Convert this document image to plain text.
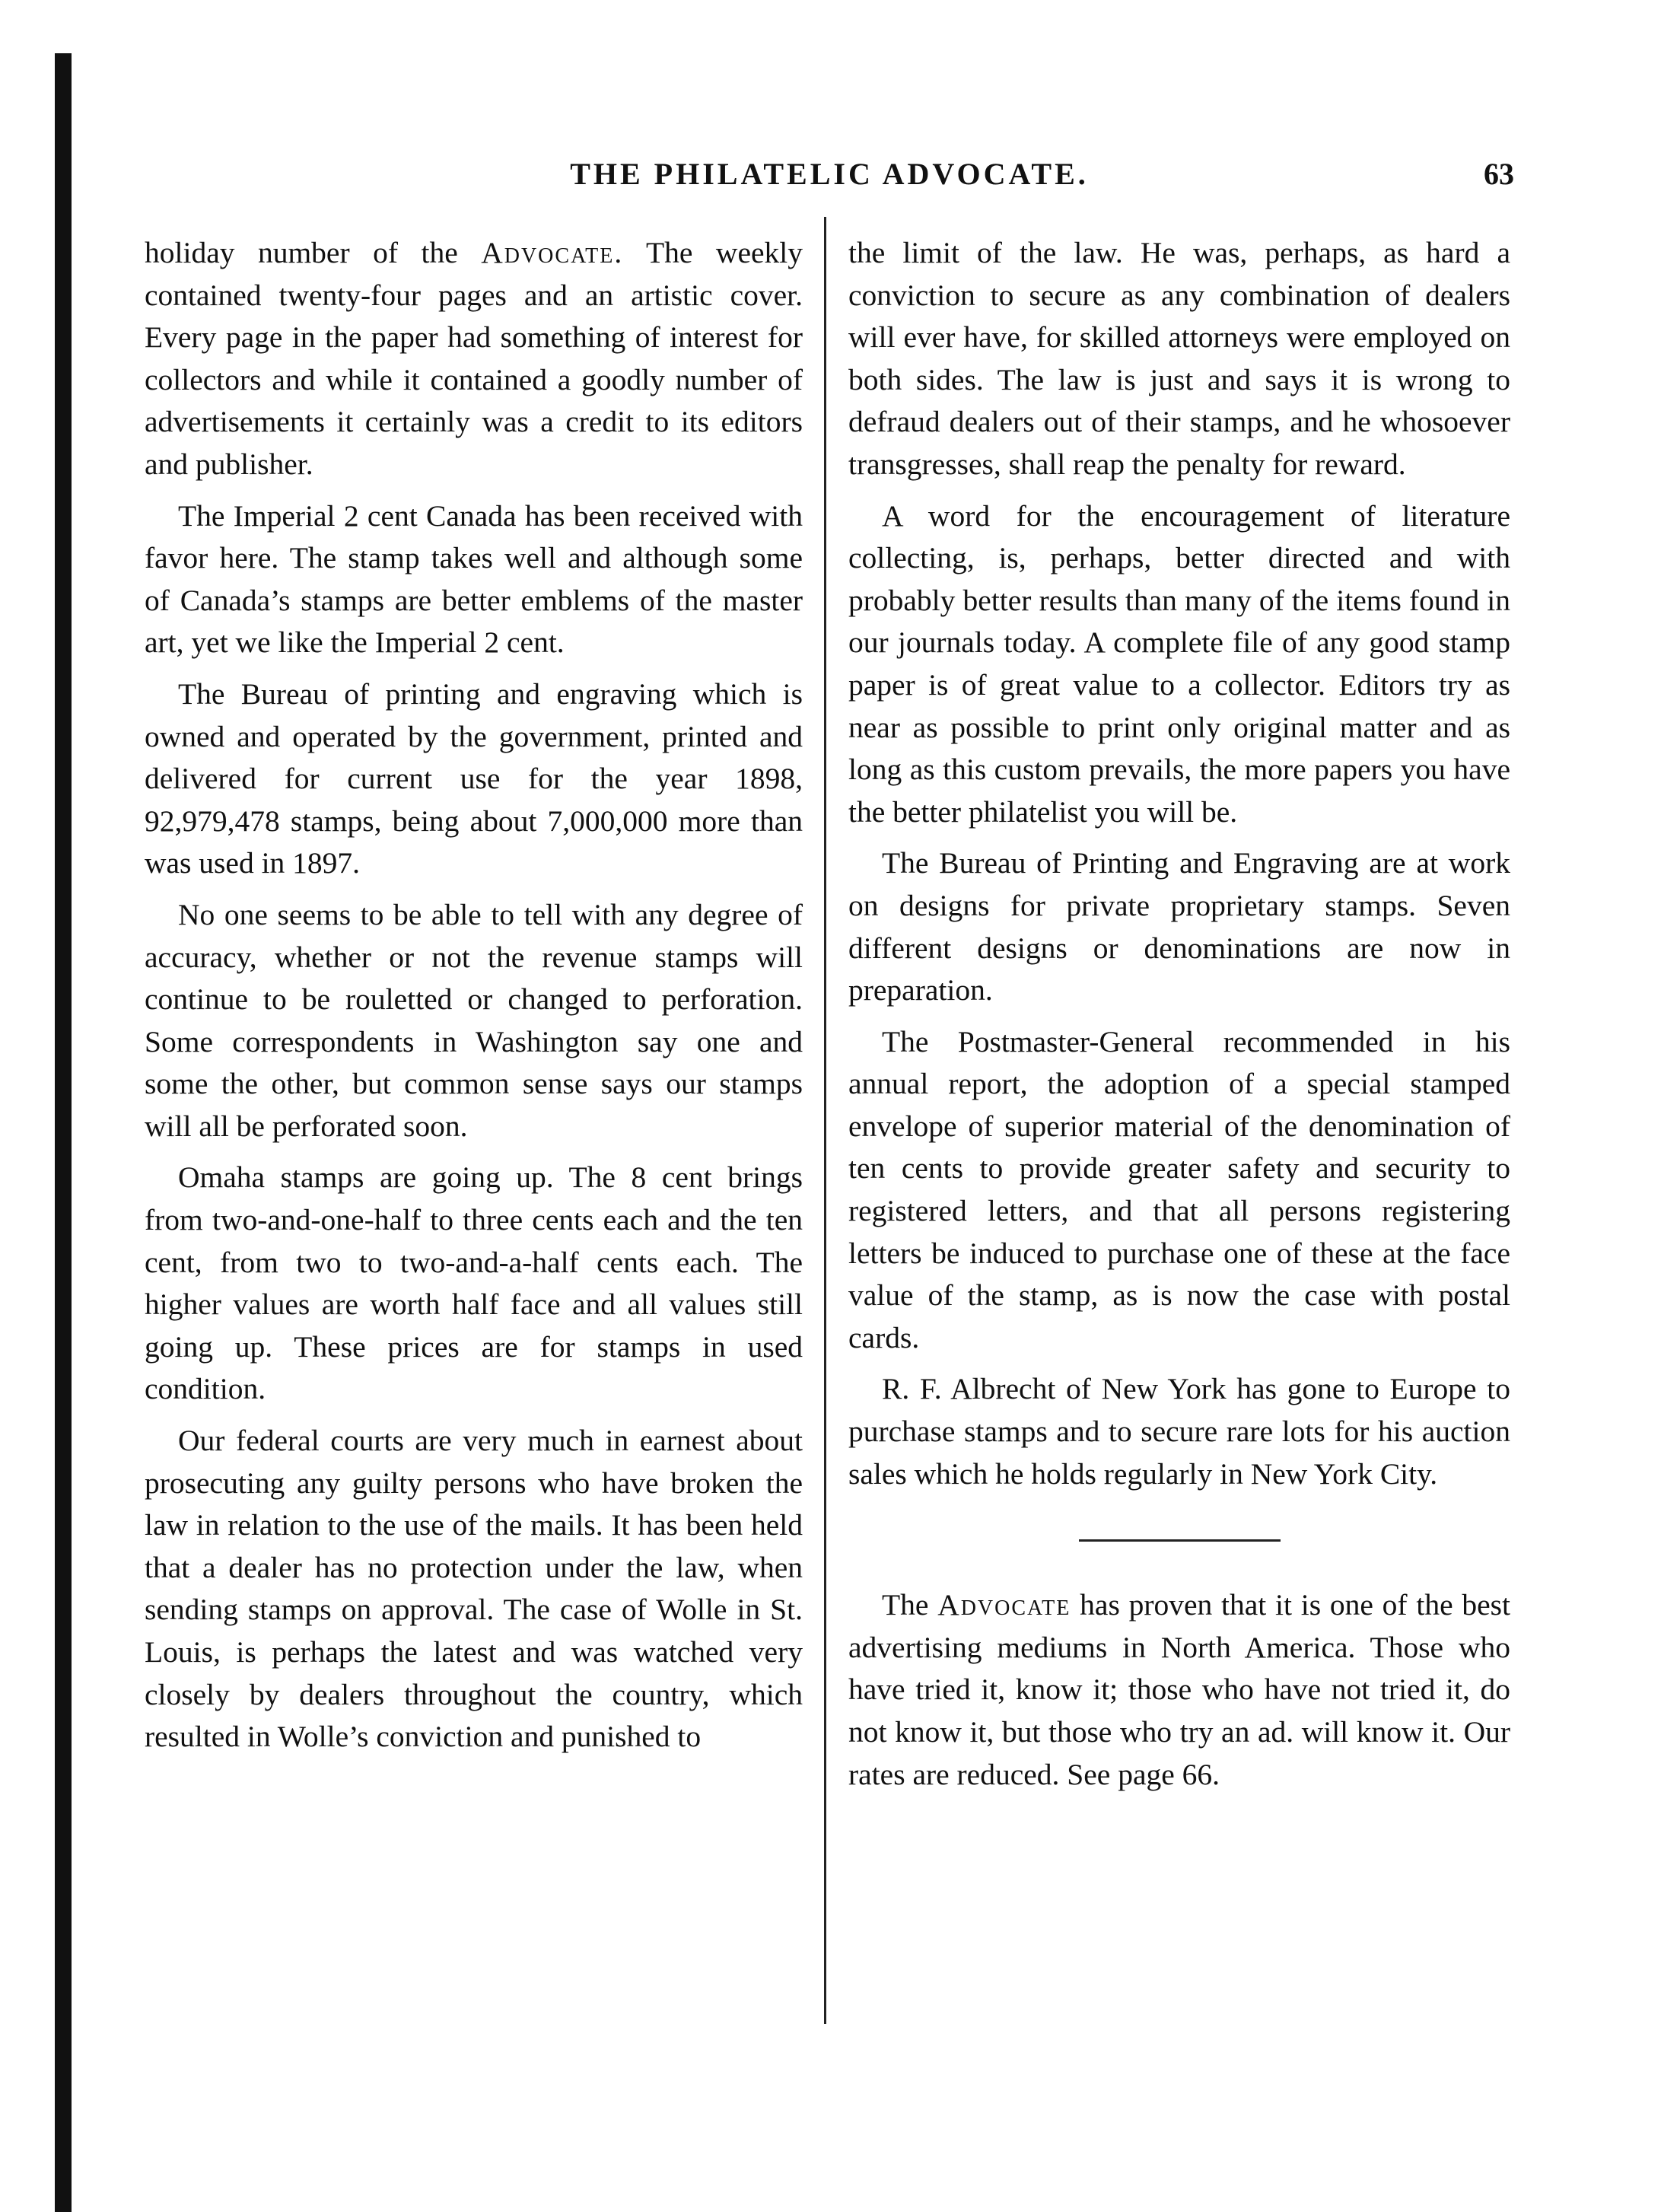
THE PHILATELIC ADVOCATE.	63

holiday number of the Advocate. The weekly contained twenty-four pages and an artistic cover. Every page in the paper had something of interest for collectors and while it contained a goodly number of advertisements it certainly was a credit to its editors and publisher.

The Imperial 2 cent Canada has been received with favor here. The stamp takes well and although some of Canada’s stamps are better emblems of the master art, yet we like the Imperial 2 cent.

The Bureau of printing and engraving which is owned and operated by the government, printed and delivered for current use for the year 1898, 92,979,478 stamps, being about 7,000,000 more than was used in 1897.

No one seems to be able to tell with any degree of accuracy, whether or not the revenue stamps will continue to be rouletted or changed to perforation. Some correspondents in Washington say one and some the other, but common sense says our stamps will all be perforated soon.

Omaha stamps are going up. The 8 cent brings from two-and-one-half to three cents each and the ten cent, from two to two-and-a-half cents each. The higher values are worth half face and all values still going up. These prices are for stamps in used condition.

Our federal courts are very much in earnest about prosecuting any guilty persons who have broken the law in relation to the use of the mails. It has been held that a dealer has no protection under the law, when sending stamps on approval. The case of Wolle in St. Louis, is perhaps the latest and was watched very closely by dealers throughout the country, which resulted in Wolle’s conviction and punished to

the limit of the law. He was, perhaps, as hard a conviction to secure as any combination of dealers will ever have, for skilled attorneys were employed on both sides. The law is just and says it is wrong to defraud dealers out of their stamps, and he whosoever transgresses, shall reap the penalty for reward.

A word for the encouragement of literature collecting, is, perhaps, better directed and with probably better results than many of the items found in our journals today. A complete file of any good stamp paper is of great value to a collector. Editors try as near as possible to print only original matter and as long as this custom prevails, the more papers you have the better philatelist you will be.

The Bureau of Printing and Engraving are at work on designs for private proprietary stamps. Seven different designs or denominations are now in preparation.

The Postmaster-General recommended in his annual report, the adoption of a special stamped envelope of superior material of the denomination of ten cents to provide greater safety and security to registered letters, and that all persons registering letters be induced to purchase one of these at the face value of the stamp, as is now the case with postal cards.

R. F. Albrecht of New York has gone to Europe to purchase stamps and to secure rare lots for his auction sales which he holds regularly in New York City.

The Advocate has proven that it is one of the best advertising mediums in North America. Those who have tried it, know it; those who have not tried it, do not know it, but those who try an ad. will know it. Our rates are reduced. See page 66.
